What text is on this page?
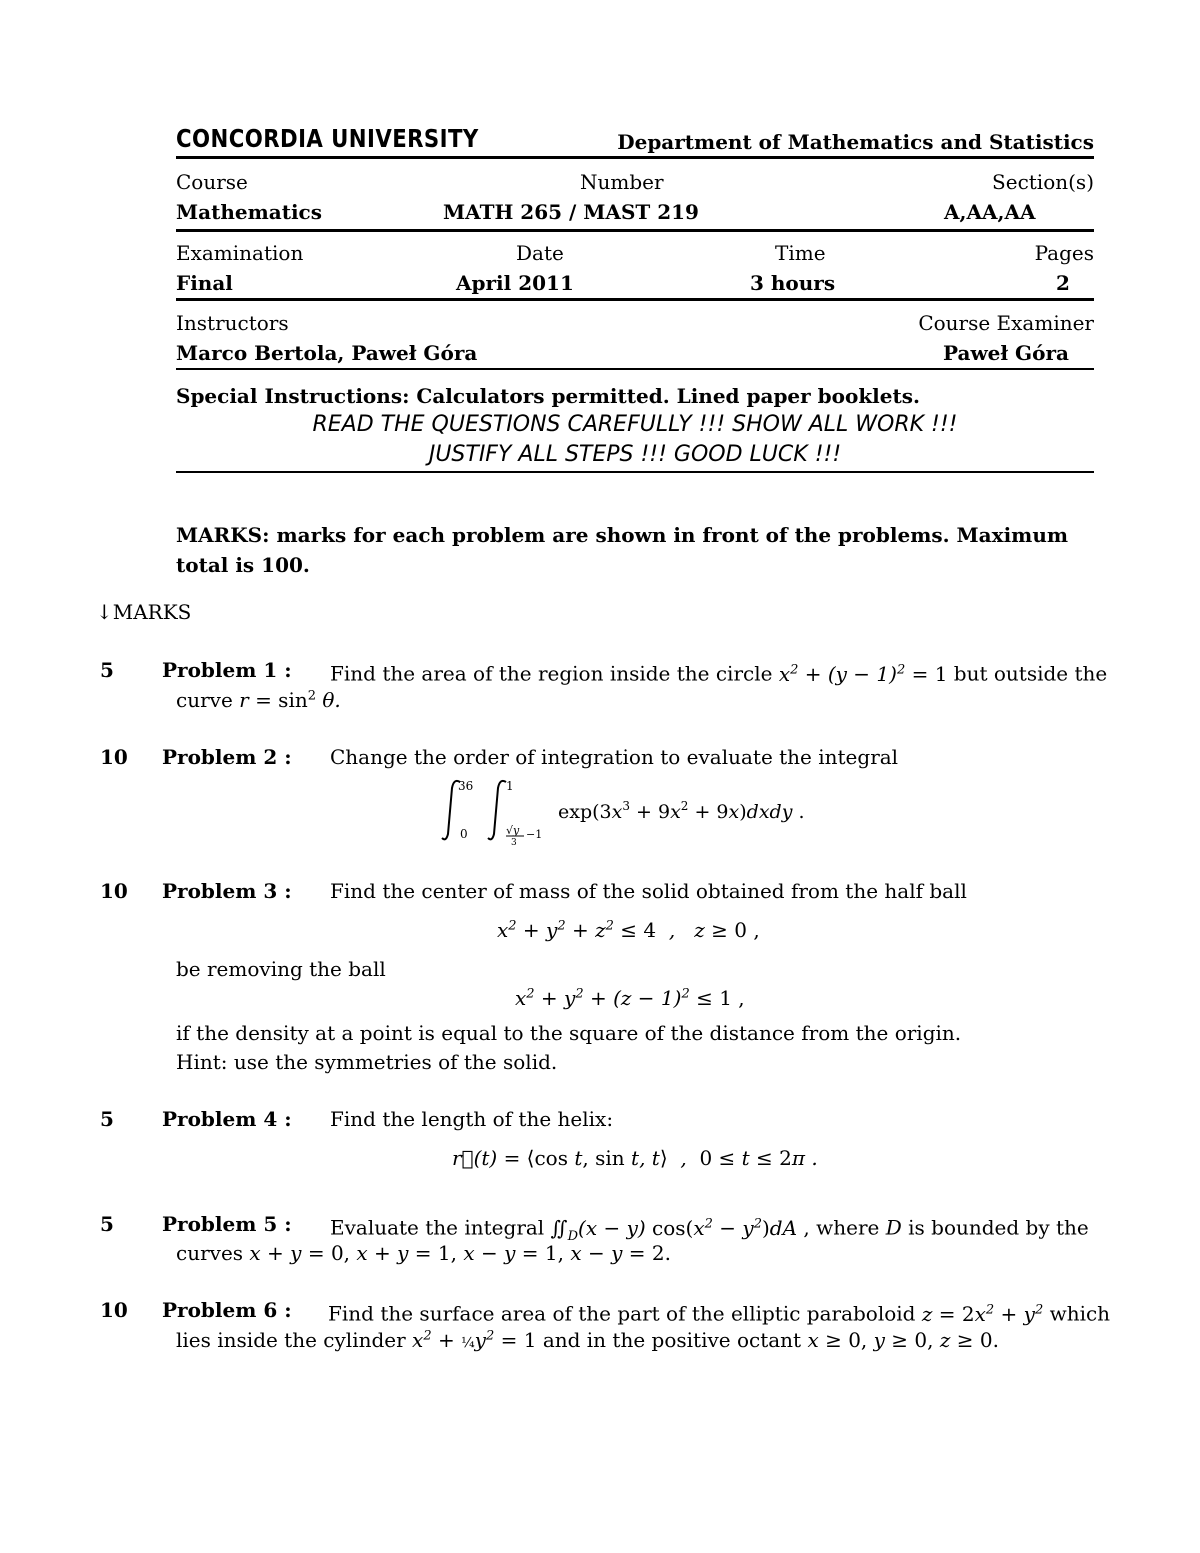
CONCORDIA UNIVERSITY	Department of Mathematics and Statistics
Course	Number	Section(s)
Mathematics	MATH 265 / MAST 219	A,AA,AA
Examination	Date	Time	Pages
Final	April 2011	3 hours	2
Instructors	Course Examiner
Marco Bertola, Paweł Góra	Paweł Góra
Special Instructions: Calculators permitted. Lined paper booklets.
READ THE QUESTIONS CAREFULLY !!! SHOW ALL WORK !!!
JUSTIFY ALL STEPS !!! GOOD LUCK !!!
MARKS: marks for each problem are shown in front of the problems. Maximum total is 100.
↓MARKS
5 Problem 1 : Find the area of the region inside the circle $x^2 + (y - 1)^2 = 1$ but outside the
curve $r = \sin^2 \theta$.
10 Problem 2 : Change the order of integration to evaluate the integral
36
0
1
√y
3
−1
$\exp(3x^3 + 9x^2$ + 9x)dxdy .
10 Problem 3 : Find the center of mass of the solid obtained from the half ball
$x^2 + y^2 + z^2 \le 4$  ,   z ≥ 0 ,
be removing the ball
$x^2 + y^2 + (z - 1)^2 \le 1$ ,
if the density at a point is equal to the square of the distance from the origin.
Hint: use the symmetries of the solid.
5 Problem 4 : Find the length of the helix:
r⃗(t) = ⟨cos t, sin t, t⟩  ,  0 ≤ t ≤ 2π .
5 Problem 5 : Evaluate the integral $∬_D(x - y) \cos(x^2 - y^2)dA$ , where D is bounded by the
curves x + y = 0, x + y = 1, x − y = 1, x − y = 2.
10 Problem 6 : Find the surface area of the part of the elliptic paraboloid $z = 2x^2 + y^2$ which
lies inside the cylinder $x^2$ + $\frac{1}{4}y^2 = 1$ and in the positive octant x ≥ 0, y ≥ 0, z ≥ 0.
